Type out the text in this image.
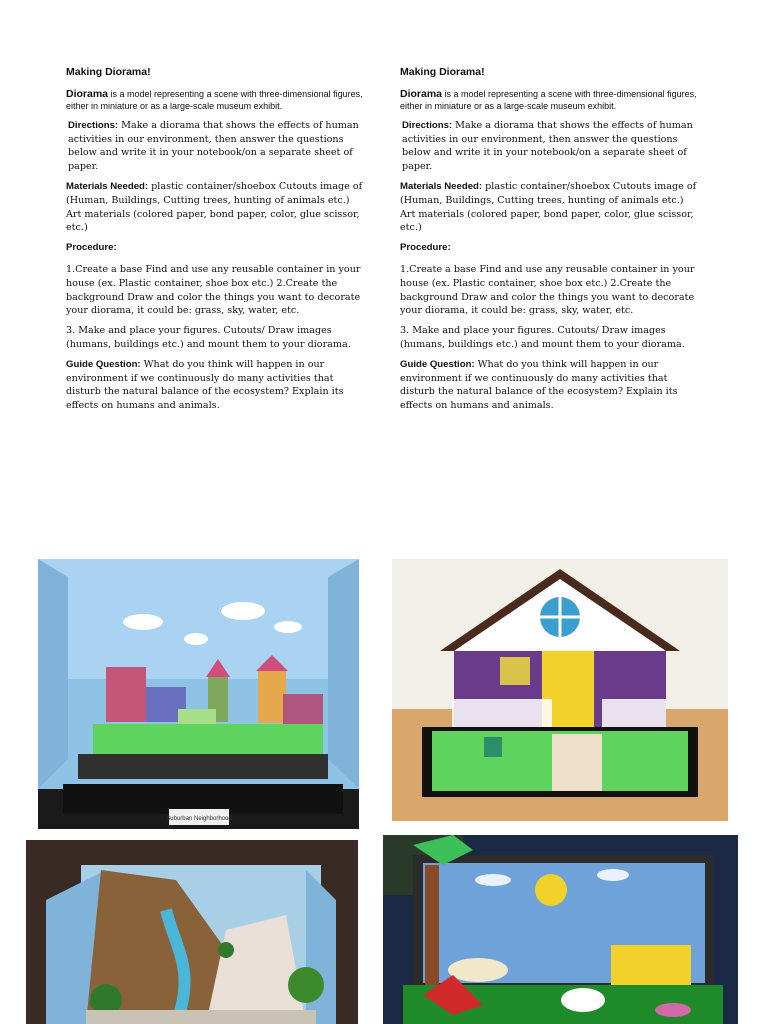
Making Diorama!
Diorama is a model representing a scene with three-dimensional figures, either in miniature or as a large-scale museum exhibit.
Directions: Make a diorama that shows the effects of human activities in our environment, then answer the questions below and write it in your notebook/on a separate sheet of paper.
Materials Needed: plastic container/shoebox Cutouts image of (Human, Buildings, Cutting trees, hunting of animals etc.) Art materials (colored paper, bond paper, color, glue scissor, etc.)
Procedure:
1.Create a base Find and use any reusable container in your house (ex. Plastic container, shoe box etc.) 2.Create the background Draw and color the things you want to decorate your diorama, it could be: grass, sky, water, etc.
3. Make and place your figures. Cutouts/ Draw images (humans, buildings etc.) and mount them to your diorama.
Guide Question: What do you think will happen in our environment if we continuously do many activities that disturb the natural balance of the ecosystem? Explain its effects on humans and animals.
Making Diorama!
Diorama is a model representing a scene with three-dimensional figures, either in miniature or as a large-scale museum exhibit.
Directions: Make a diorama that shows the effects of human activities in our environment, then answer the questions below and write it in your notebook/on a separate sheet of paper.
Materials Needed: plastic container/shoebox Cutouts image of (Human, Buildings, Cutting trees, hunting of animals etc.) Art materials (colored paper, bond paper, color, glue scissor, etc.)
Procedure:
1.Create a base Find and use any reusable container in your house (ex. Plastic container, shoe box etc.) 2.Create the background Draw and color the things you want to decorate your diorama, it could be: grass, sky, water, etc.
3. Make and place your figures. Cutouts/ Draw images (humans, buildings etc.) and mount them to your diorama.
Guide Question: What do you think will happen in our environment if we continuously do many activities that disturb the natural balance of the ecosystem? Explain its effects on humans and animals.
Suburban Neighborhood
